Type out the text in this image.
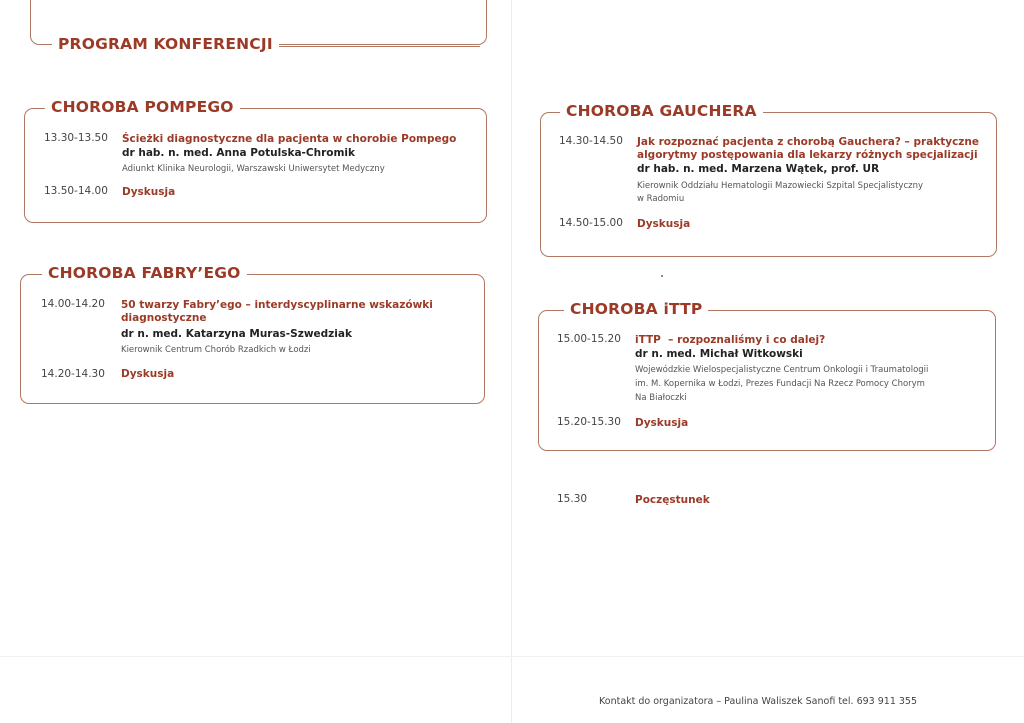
PROGRAM KONFERENCJI
CHOROBA POMPEGO
13.30-13.50 Ścieżki diagnostyczne dla pacjenta w chorobie Pompego
dr hab. n. med. Anna Potulska-Chromik
Adiunkt Klinika Neurologii, Warszawski Uniwersytet Medyczny
13.50-14.00 Dyskusja
CHOROBA FABRY’EGO
14.00-14.20 50 twarzy Fabry’ego – interdyscyplinarne wskazówki
diagnostyczne
dr n. med. Katarzyna Muras-Szwedziak
Kierownik Centrum Chorób Rzadkich w Łodzi
14.20-14.30 Dyskusja
CHOROBA GAUCHERA
14.30-14.50 Jak rozpoznać pacjenta z chorobą Gauchera? – praktyczne
algorytmy postępowania dla lekarzy różnych specjalizacji
dr hab. n. med. Marzena Wątek, prof. UR
Kierownik Oddziału Hematologii Mazowiecki Szpital Specjalistyczny
w Radomiu
14.50-15.00 Dyskusja
CHOROBA iTTP
15.00-15.20 iTTP  – rozpoznaliśmy i co dalej?
dr n. med. Michał Witkowski
Wojewódzkie Wielospecjalistyczne Centrum Onkologii i Traumatologii
im. M. Kopernika w Łodzi, Prezes Fundacji Na Rzecz Pomocy Chorym
Na Białoczki
15.20-15.30 Dyskusja
15.30	Poczęstunek
Kontakt do organizatora – Paulina Waliszek Sanofi tel. 693 911 355
